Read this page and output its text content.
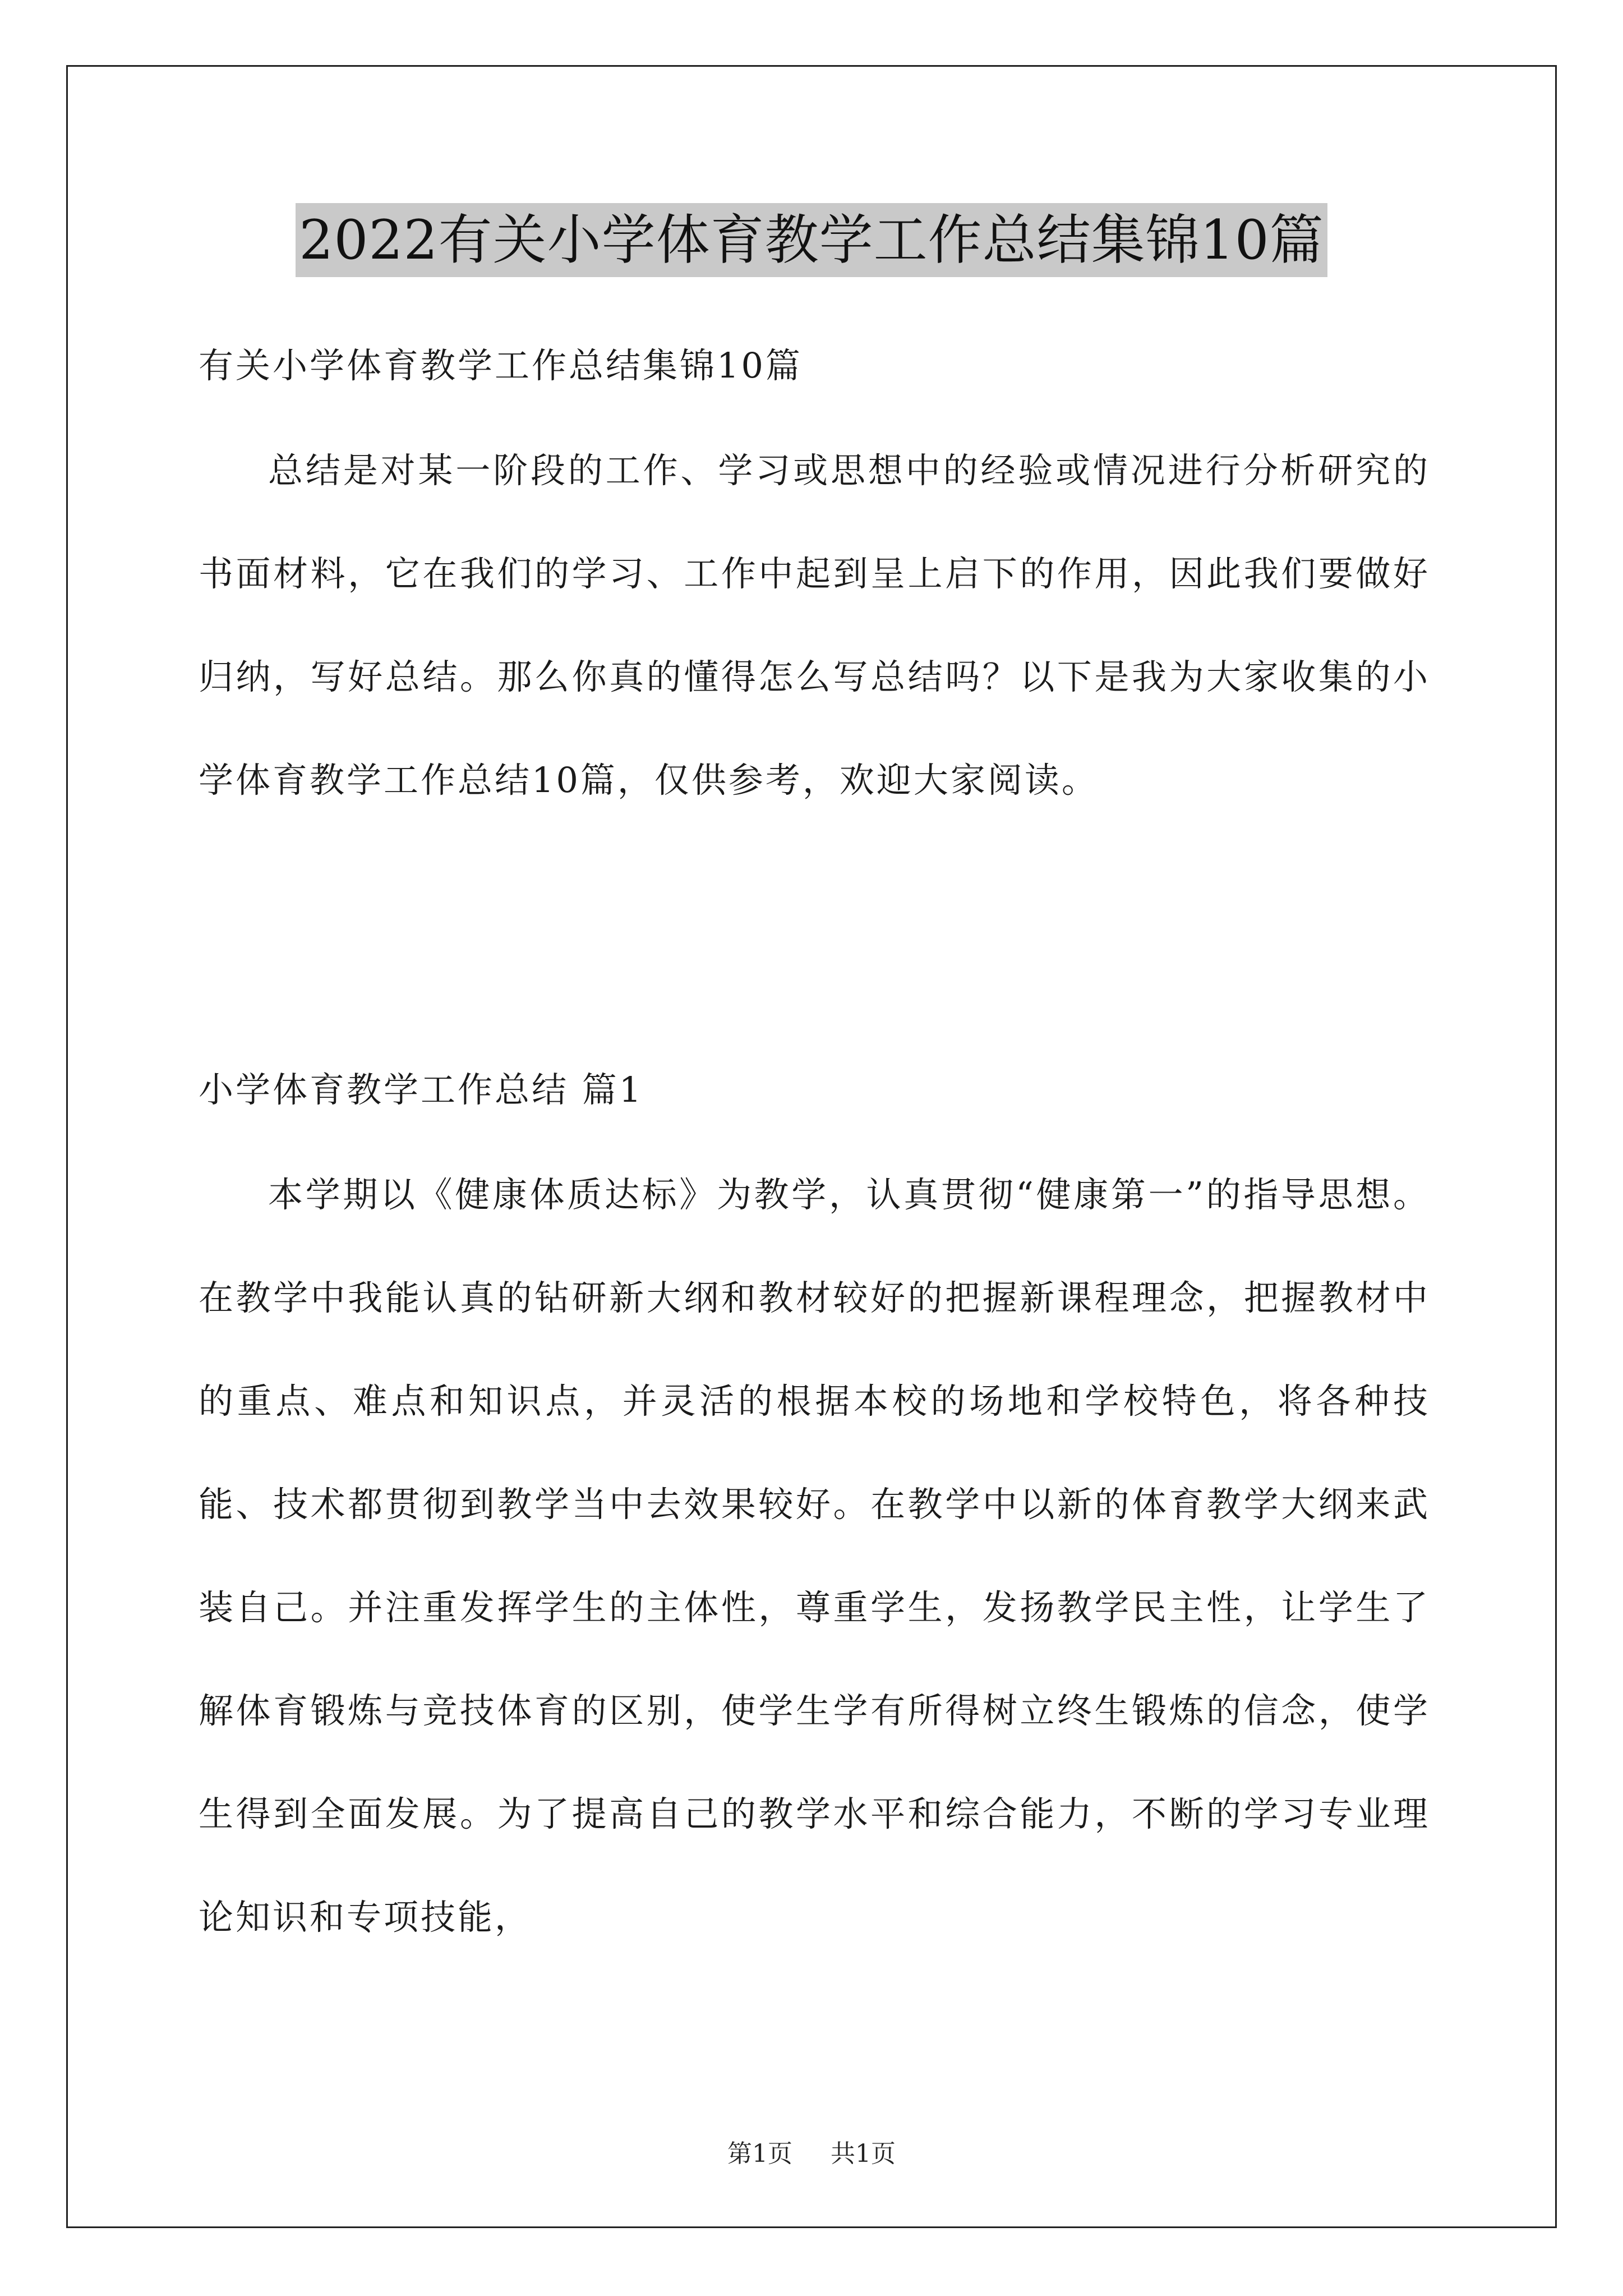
2022有关小学体育教学工作总结集锦10篇

有关小学体育教学工作总结集锦10篇

总结是对某一阶段的工作、学习或思想中的经验或情况进行分析研究的书面材料，它在我们的学习、工作中起到呈上启下的作用，因此我们要做好归纳，写好总结。那么你真的懂得怎么写总结吗？以下是我为大家收集的小学体育教学工作总结10篇，仅供参考，欢迎大家阅读。

小学体育教学工作总结 篇1

本学期以《健康体质达标》为教学，认真贯彻“健康第一”的指导思想。在教学中我能认真的钻研新大纲和教材较好的把握新课程理念，把握教材中的重点、难点和知识点，并灵活的根据本校的场地和学校特色，将各种技能、技术都贯彻到教学当中去效果较好。在教学中以新的体育教学大纲来武装自己。并注重发挥学生的主体性，尊重学生，发扬教学民主性，让学生了解体育锻炼与竞技体育的区别，使学生学有所得树立终生锻炼的信念，使学生得到全面发展。为了提高自己的教学水平和综合能力，不断的学习专业理论知识和专项技能，

第1页 共1页
